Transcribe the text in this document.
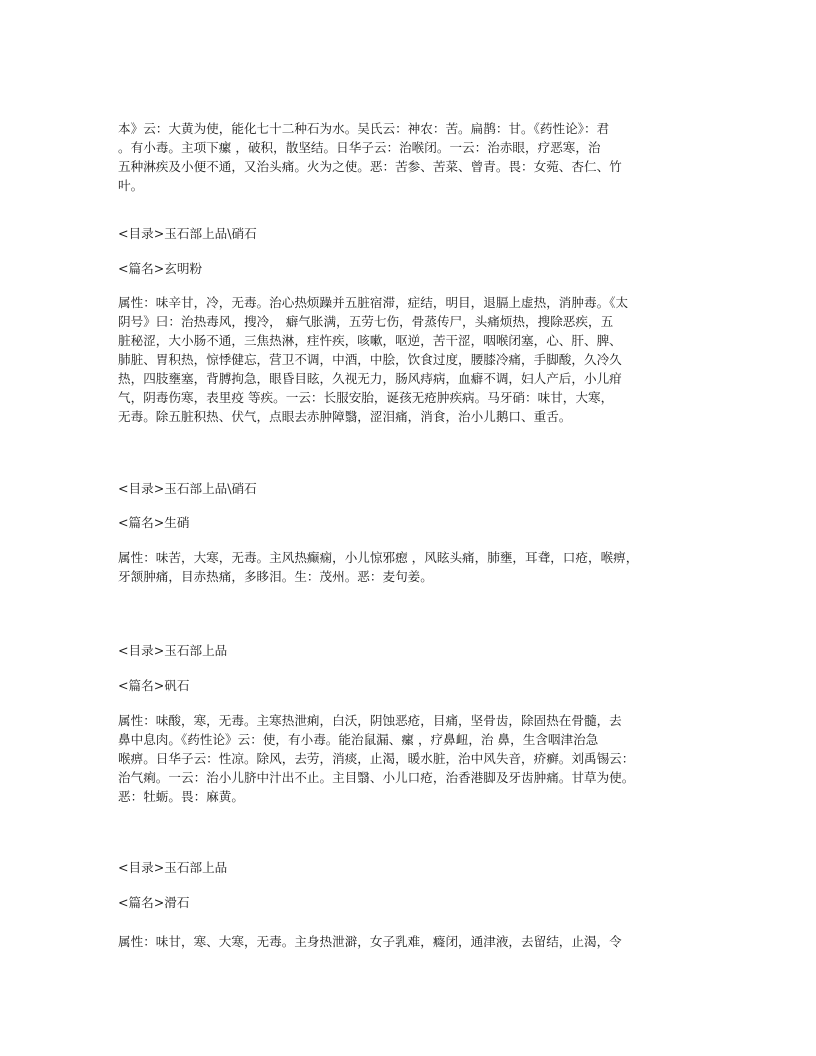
本》云：大黄为使，能化七十二种石为水。吴氏云：神农：苦。扁鹊：甘。《药性论》：君
。有小毒。主项下瘰 ，破积，散坚结。日华子云：治喉闭。一云：治赤眼，疗恶寒，治
五种淋疾及小便不通，又治头痛。火为之使。恶：苦参、苦菜、曾青。畏：女菀、杏仁、竹
叶。

<目录>玉石部上品\硝石

<篇名>玄明粉

属性：味辛甘，冷，无毒。治心热烦躁并五脏宿滞，症结，明目，退膈上虚热，消肿毒。《太
阴号》曰：治热毒风，搜冷， 癖气胀满，五劳七伤，骨蒸传尸，头痛烦热，搜除恶疾，五
脏秘涩，大小肠不通，三焦热淋，疰忤疾，咳嗽，呕逆，苦干涩，咽喉闭塞，心、肝、脾、
肺脏、胃积热，惊悸健忘，营卫不调，中酒，中脍，饮食过度，腰膝冷痛，手脚酸，久冷久
热，四肢壅塞，背膊拘急，眼昏目眩，久视无力，肠风痔病，血癖不调，妇人产后，小儿疳
气，阴毒伤寒，表里疫 等疾。一云：长服安胎，诞孩无疮肿疾病。马牙硝：味甘，大寒，
无毒。除五脏积热、伏气，点眼去赤肿障翳，涩泪痛，消食，治小儿鹅口、重舌。

<目录>玉石部上品\硝石

<篇名>生硝

属性：味苦，大寒，无毒。主风热癫痫，小儿惊邪瘛 ，风眩头痛，肺壅，耳聋，口疮，喉痹，
牙颔肿痛，目赤热痛，多眵泪。生：茂州。恶：麦句姜。

<目录>玉石部上品

<篇名>矾石

属性：味酸，寒，无毒。主寒热泄痢，白沃，阴蚀恶疮，目痛，坚骨齿，除固热在骨髓，去
鼻中息肉。《药性论》云：使，有小毒。能治鼠漏、瘰 ，疗鼻衄，治 鼻，生含咽津治急
喉痹。日华子云：性凉。除风，去劳，消痰，止渴，暖水脏，治中风失音，疥癣。刘禹锡云：
治气痢。一云：治小儿脐中汁出不止。主目翳、小儿口疮，治香港脚及牙齿肿痛。甘草为使。
恶：牡蛎。畏：麻黄。

<目录>玉石部上品

<篇名>滑石

属性：味甘，寒、大寒，无毒。主身热泄澼，女子乳难，癃闭，通津液，去留结，止渴，令
